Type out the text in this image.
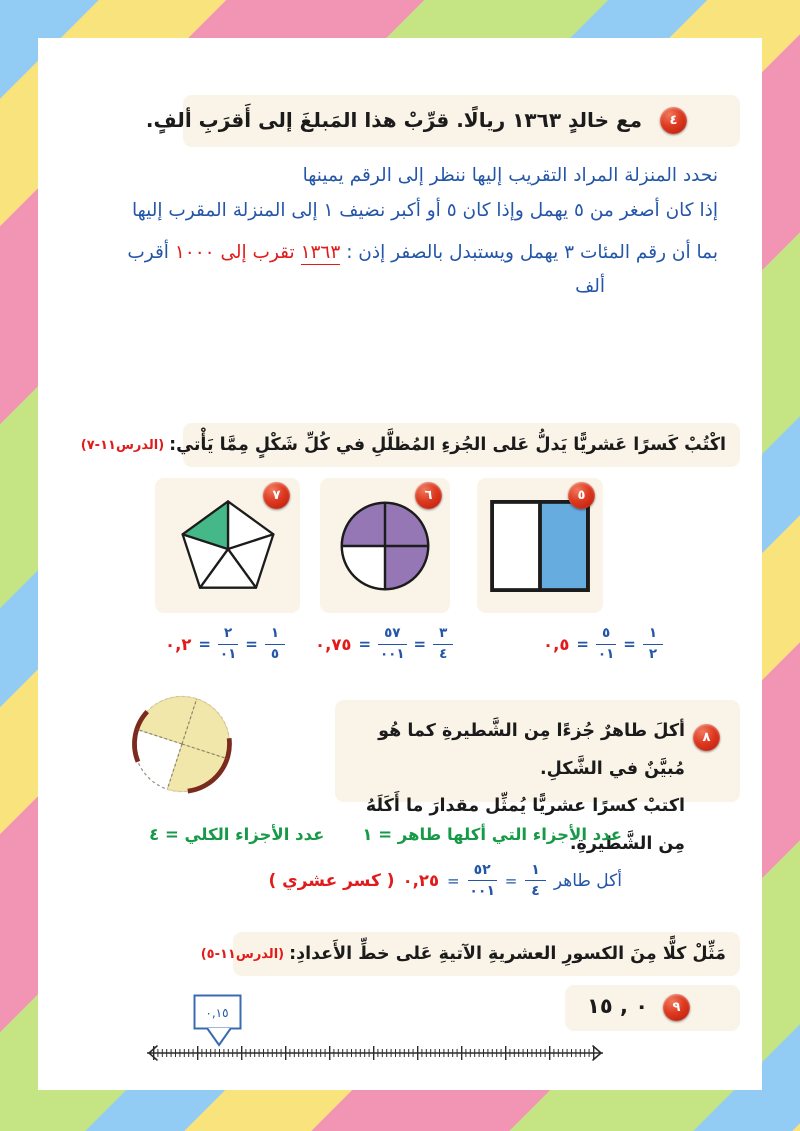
٤
مع خالدٍ ١٣٦٣ ريالًا. قرِّبْ هذا المَبلغَ إلى أَقرَبِ ألفٍ.
نحدد المنزلة المراد التقريب إليها ننظر إلى الرقم يمينها
إذا كان أصغر من ٥ يهمل وإذا كان ٥ أو أكبر نضيف ١ إلى المنزلة المقرب إليها
بما أن رقم المئات ٣ يهمل ويستبدل بالصفر إذن : ١٣٦٣ تقرب إلى ١٠٠٠ أقرب
ألف
اكْتُبْ كَسرًا عَشريًّا يَدلُّ عَلى الجُزءِ المُظلَّلِ في كُلِّ شَكْلٍ مِمَّا يَأْتي:
(الدرس١١-٧)
٥
٦
٧
$\frac{١}{٢}$
=
$\frac{٥}{٠١}$
=
٠,٥
$\frac{٣}{٤}$
=
$\frac{٥٧}{٠٠١}$
=
٠,٧٥
$\frac{١}{٥}$
=
$\frac{٢}{٠١}$
=
٠,٢
٨
أكلَ طاهرٌ جُزءًا مِن الشَّطيرةِ كما هُو مُبيَّنٌ في الشَّكلِ.
اكتبْ كسرًا عشريًّا يُمثِّل مقدارَ ما أَكَلَهُ مِن الشَّطيرةِ.
عدد الأجزاء التي أكلها طاهر = ١
عدد الأجزاء الكلي = ٤
أكل طاهر
$\frac{١}{٤}$
=
$\frac{٥٢}{٠٠١}$
=
٠,٢٥
( كسر عشري )
مَثِّلْ كلًّا مِنَ الكسورِ العشريةِ الآتيةِ عَلى خطِّ الأَعدادِ:
(الدرس١١-٥)
٩
٠ , ١٥
٠,١٥
